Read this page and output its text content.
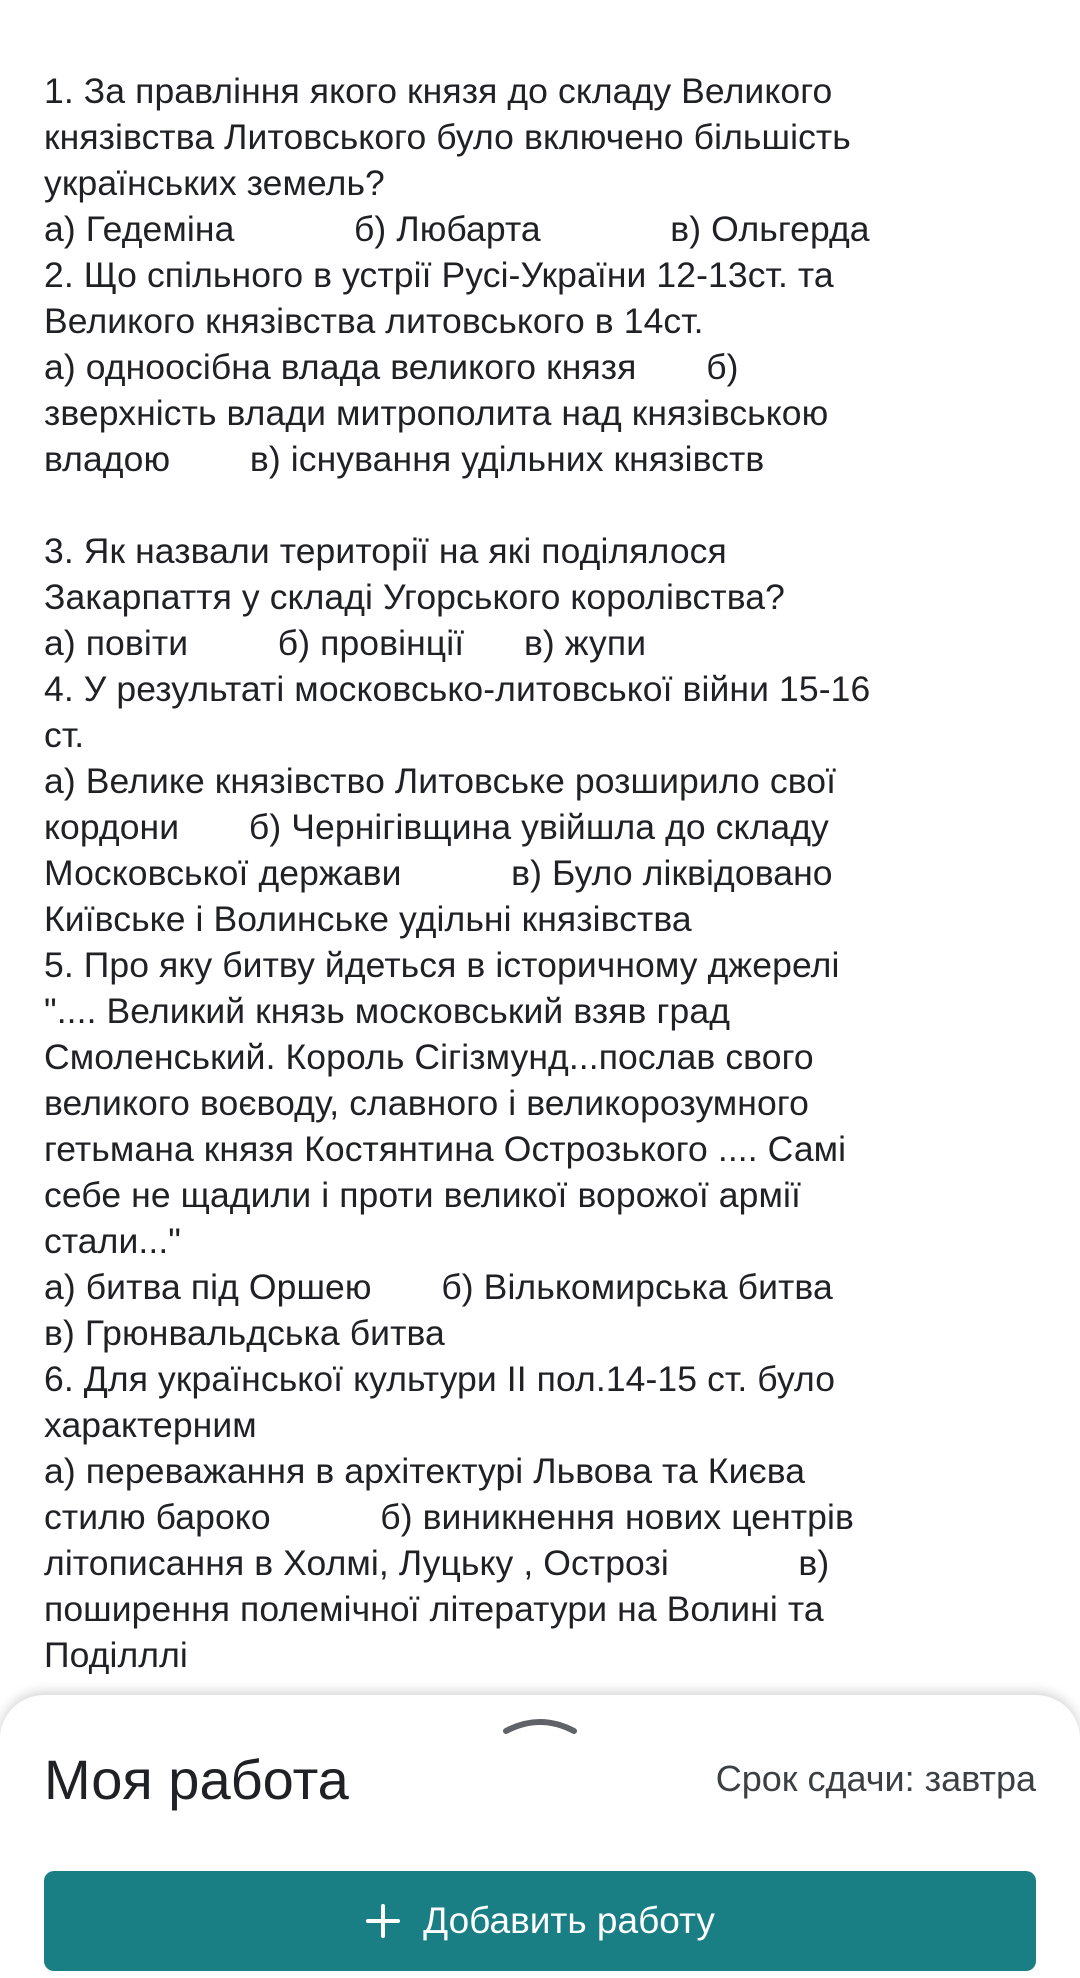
1. За правління якого князя до складу Великого
князівства Литовського було включено більшість
українських земель?
а) Гедеміна            б) Любарта             в) Ольгерда
2. Що спільного в устрії Русі-України 12-13ст. та
Великого князівства литовського в 14ст.
а) одноосібна влада великого князя       б)
зверхність влади митрополита над князівською
владою        в) існування удільних князівств
3. Як назвали території на які поділялося
Закарпаття у складі Угорського королівства?
а) повіти         б) провінції      в) жупи
4. У результаті московсько-литовської війни 15-16
ст.
а) Велике князівство Литовське розширило свої
кордони       б) Чернігівщина увійшла до складу
Московської держави           в) Було ліквідовано
Київське і Волинське удільні князівства
5. Про яку битву йдеться в історичному джерелі
".... Великий князь московський взяв град
Смоленський. Король Сігізмунд...послав свого
великого воєводу, славного і великорозумного
гетьмана князя Костянтина Острозького .... Самі
себе не щадили і проти великої ворожої армії
стали..."
а) битва під Оршею       б) Вількомирська битва
в) Грюнвальдська битва
6. Для української культури II пол.14-15 ст. було
характерним
а) переважання в архітектурі Львова та Києва
стилю бароко           б) виникнення нових центрів
літописання в Холмі, Луцьку , Острозі             в)
поширення полемічної літератури на Волині та
Поділллі
Моя работа	Срок сдачи: завтра
Добавить работу
